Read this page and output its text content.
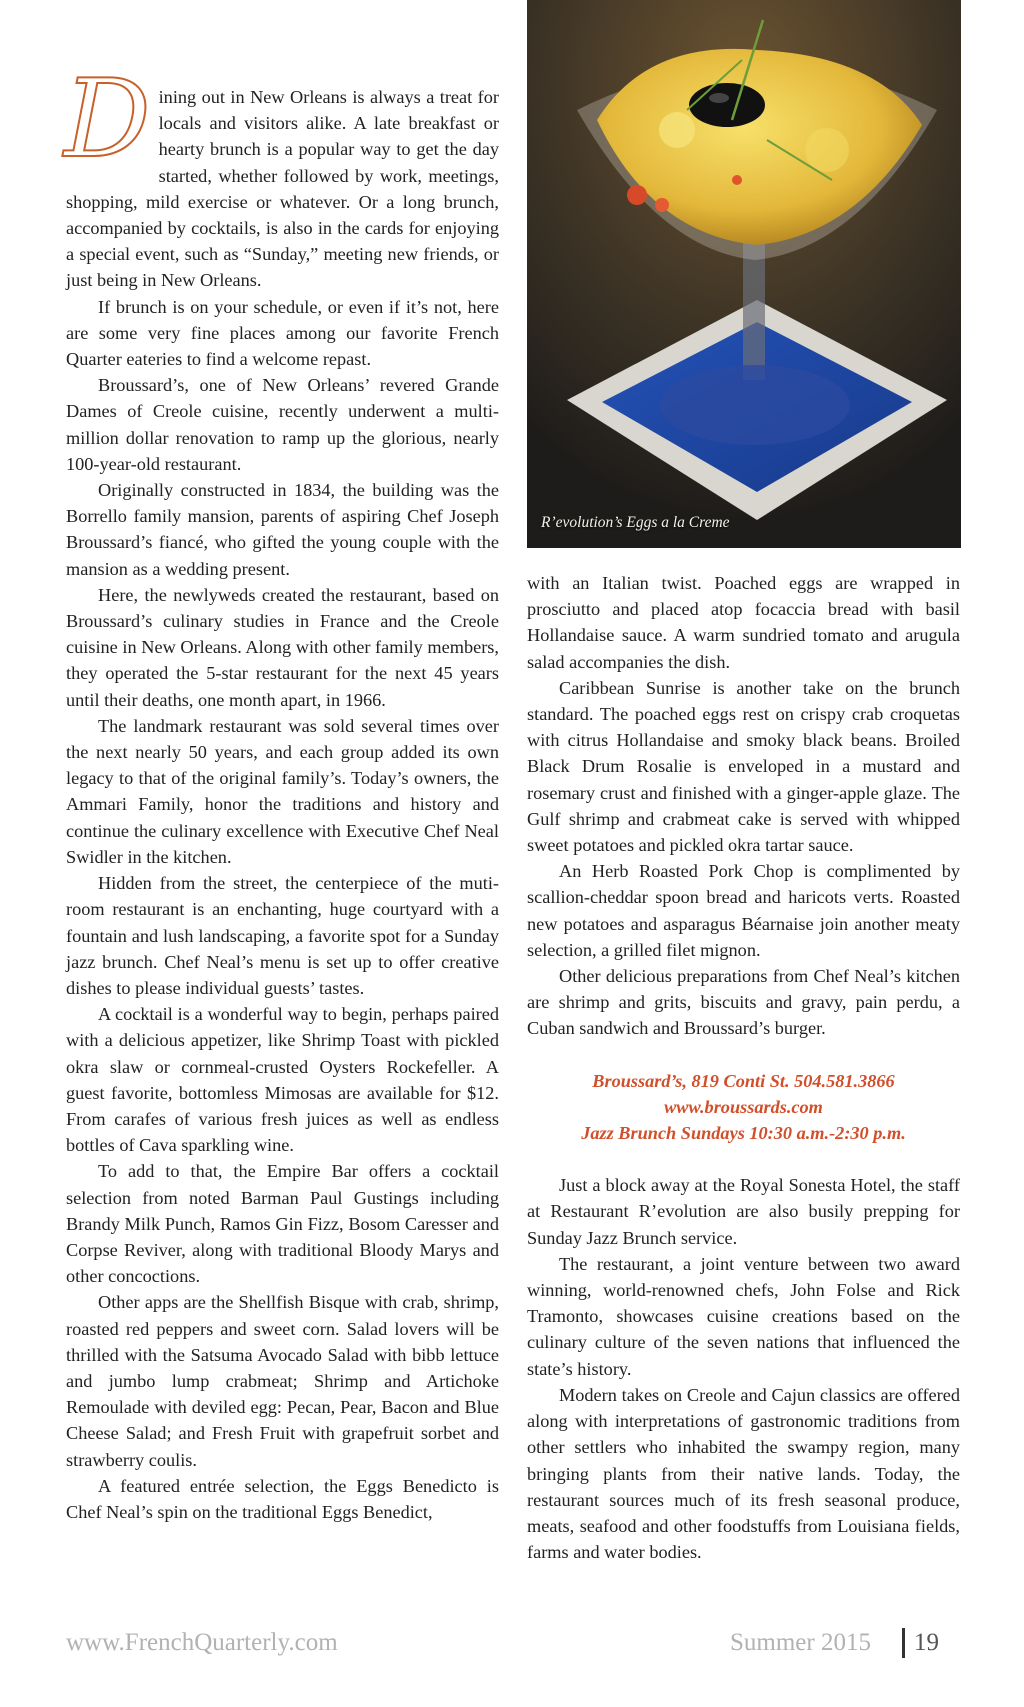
R’evolution’s Eggs a la Creme
D ining out in New Orleans is always a treat for locals and visitors alike. A late breakfast or hearty brunch is a popular way to get the day started, whether followed by work, meetings, shopping, mild exercise or whatever. Or a long brunch, accompanied by cocktails, is also in the cards for enjoying a special event, such as “Sunday,” meeting new friends, or just being in New Orleans.

If brunch is on your schedule, or even if it’s not, here are some very fine places among our favorite French Quarter eateries to find a welcome repast.

Broussard’s, one of New Orleans’ revered Grande Dames of Creole cuisine, recently underwent a multi-million dollar renovation to ramp up the glorious, nearly 100-year-old restaurant.

Originally constructed in 1834, the building was the Borrello family mansion, parents of aspiring Chef Joseph Broussard’s fiancé, who gifted the young couple with the mansion as a wedding present.

Here, the newlyweds created the restaurant, based on Broussard’s culinary studies in France and the Creole cuisine in New Orleans. Along with other family members, they operated the 5-star restaurant for the next 45 years until their deaths, one month apart, in 1966.

The landmark restaurant was sold several times over the next nearly 50 years, and each group added its own legacy to that of the original family’s. Today’s owners, the Ammari Family, honor the traditions and history and continue the culinary excellence with Executive Chef Neal Swidler in the kitchen.

Hidden from the street, the centerpiece of the muti-room restaurant is an enchanting, huge courtyard with a fountain and lush landscaping, a favorite spot for a Sunday jazz brunch. Chef Neal’s menu is set up to offer creative dishes to please individual guests’ tastes.

A cocktail is a wonderful way to begin, perhaps paired with a delicious appetizer, like Shrimp Toast with pickled okra slaw or cornmeal-crusted Oysters Rockefeller. A guest favorite, bottomless Mimosas are available for $12. From carafes of various fresh juices as well as endless bottles of Cava sparkling wine.

To add to that, the Empire Bar offers a cocktail selection from noted Barman Paul Gustings including Brandy Milk Punch, Ramos Gin Fizz, Bosom Caresser and Corpse Reviver, along with traditional Bloody Marys and other concoctions.

Other apps are the Shellfish Bisque with crab, shrimp, roasted red peppers and sweet corn. Salad lovers will be thrilled with the Satsuma Avocado Salad with bibb lettuce and jumbo lump crabmeat; Shrimp and Artichoke Remoulade with deviled egg: Pecan, Pear, Bacon and Blue Cheese Salad; and Fresh Fruit with grapefruit sorbet and strawberry coulis.

A featured entrée selection, the Eggs Benedicto is Chef Neal’s spin on the traditional Eggs Benedict,

with an Italian twist. Poached eggs are wrapped in prosciutto and placed atop focaccia bread with basil Hollandaise sauce. A warm sundried tomato and arugula salad accompanies the dish.

Caribbean Sunrise is another take on the brunch standard. The poached eggs rest on crispy crab croquetas with citrus Hollandaise and smoky black beans. Broiled Black Drum Rosalie is enveloped in a mustard and rosemary crust and finished with a ginger-apple glaze. The Gulf shrimp and crabmeat cake is served with whipped sweet potatoes and pickled okra tartar sauce.

An Herb Roasted Pork Chop is complimented by scallion-cheddar spoon bread and haricots verts. Roasted new potatoes and asparagus Béarnaise join another meaty selection, a grilled filet mignon.

Other delicious preparations from Chef Neal’s kitchen are shrimp and grits, biscuits and gravy, pain perdu, a Cuban sandwich and Broussard’s burger.

Broussard’s, 819 Conti St. 504.581.3866
www.broussards.com
Jazz Brunch Sundays 10:30 a.m.-2:30 p.m.

Just a block away at the Royal Sonesta Hotel, the staff at Restaurant R’evolution are also busily prepping for Sunday Jazz Brunch service.

The restaurant, a joint venture between two award winning, world-renowned chefs, John Folse and Rick Tramonto, showcases cuisine creations based on the culinary culture of the seven nations that influenced the state’s history.

Modern takes on Creole and Cajun classics are offered along with interpretations of gastronomic traditions from other settlers who inhabited the swampy region, many bringing plants from their native lands. Today, the restaurant sources much of its fresh seasonal produce, meats, seafood and other foodstuffs from Louisiana fields, farms and water bodies.

www.FrenchQuarterly.com	Summer 2015 19
